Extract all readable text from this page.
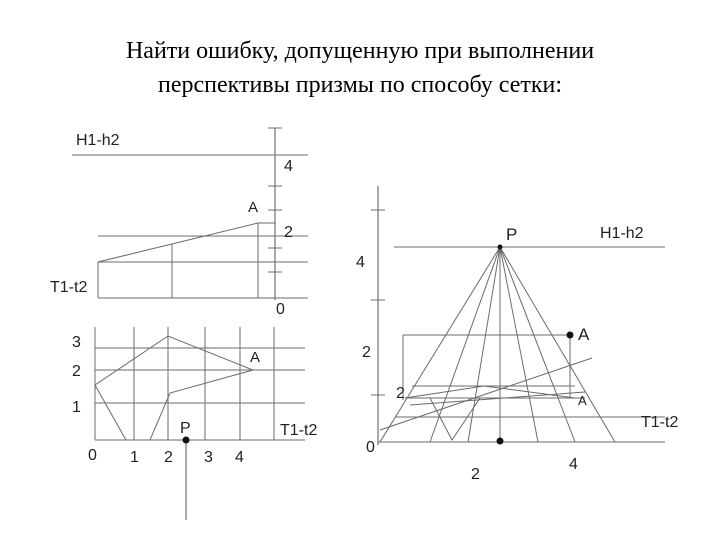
Найти ошибку, допущенную при выполнении
перспективы призмы по способу сетки:
H1-h2
T1-t2
A
4
2
0
3
2
1
0 1 2 3 4
A
P	T1-t2
P	H1-h2
T1-t2
A
A
4
2
0
2
2
4
